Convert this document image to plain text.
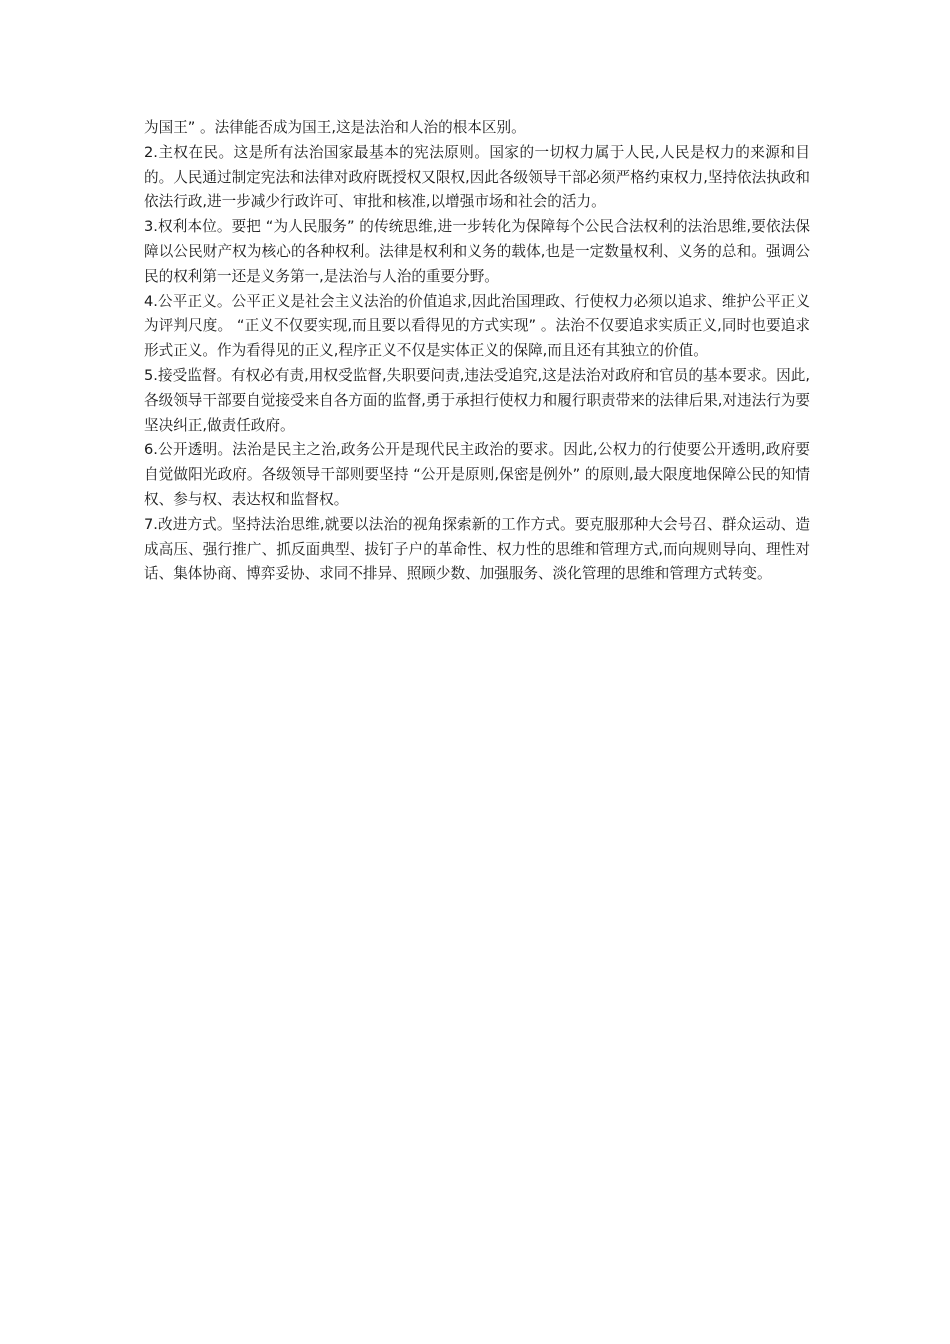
为国王” 。法律能否成为国王,这是法治和人治的根本区别。

2.主权在民。这是所有法治国家最基本的宪法原则。国家的一切权力属于人民,人民是权力的来源和目的。人民通过制定宪法和法律对政府既授权又限权,因此各级领导干部必须严格约束权力,坚持依法执政和依法行政,进一步减少行政许可、审批和核准,以增强市场和社会的活力。

3.权利本位。要把 “为人民服务” 的传统思维,进一步转化为保障每个公民合法权利的法治思维,要依法保障以公民财产权为核心的各种权利。法律是权利和义务的载体,也是一定数量权利、义务的总和。强调公民的权利第一还是义务第一,是法治与人治的重要分野。

4.公平正义。公平正义是社会主义法治的价值追求,因此治国理政、行使权力必须以追求、维护公平正义为评判尺度。 “正义不仅要实现,而且要以看得见的方式实现” 。法治不仅要追求实质正义,同时也要追求形式正义。作为看得见的正义,程序正义不仅是实体正义的保障,而且还有其独立的价值。

5.接受监督。有权必有责,用权受监督,失职要问责,违法受追究,这是法治对政府和官员的基本要求。因此,各级领导干部要自觉接受来自各方面的监督,勇于承担行使权力和履行职责带来的法律后果,对违法行为要坚决纠正,做责任政府。

6.公开透明。法治是民主之治,政务公开是现代民主政治的要求。因此,公权力的行使要公开透明,政府要自觉做阳光政府。各级领导干部则要坚持 “公开是原则,保密是例外” 的原则,最大限度地保障公民的知情权、参与权、表达权和监督权。

7.改进方式。坚持法治思维,就要以法治的视角探索新的工作方式。要克服那种大会号召、群众运动、造成高压、强行推广、抓反面典型、拔钉子户的革命性、权力性的思维和管理方式,而向规则导向、理性对话、集体协商、博弈妥协、求同不排异、照顾少数、加强服务、淡化管理的思维和管理方式转变。
